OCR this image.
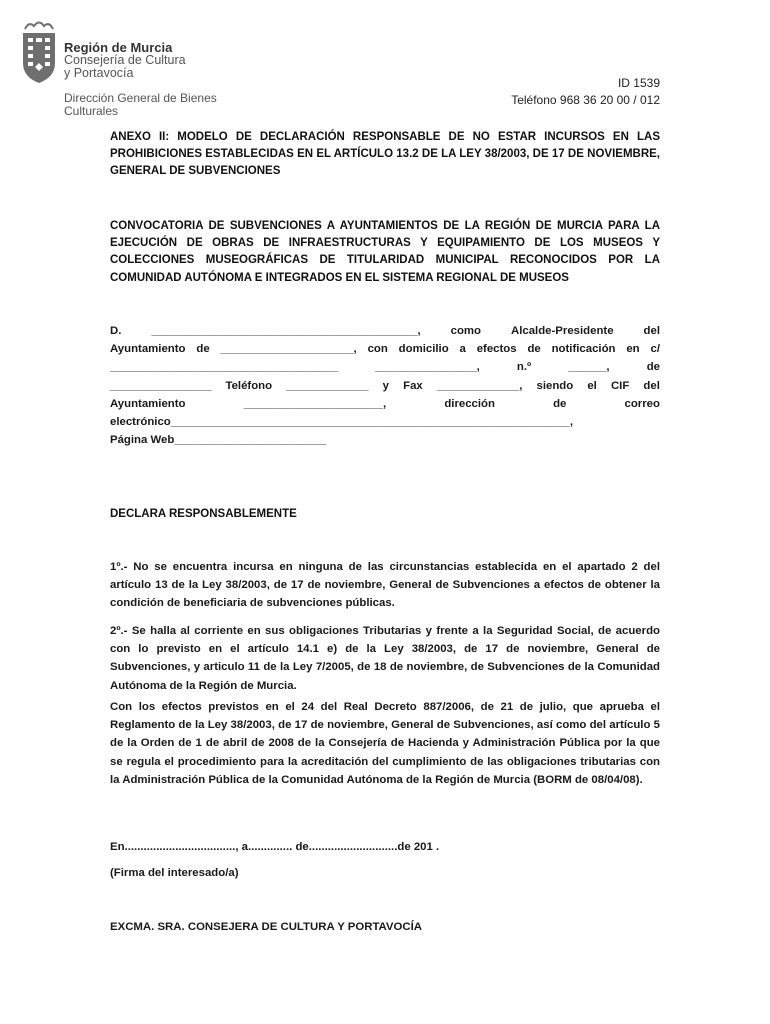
Región de Murcia
Consejería de Cultura
y Portavocía
Dirección General de Bienes
Culturales
ID 1539
Teléfono 968 36 20 00 / 012
ANEXO II: MODELO DE DECLARACIÓN RESPONSABLE DE NO ESTAR INCURSOS EN LAS PROHIBICIONES ESTABLECIDAS EN EL ARTÍCULO 13.2 DE LA LEY 38/2003, DE 17 DE NOVIEMBRE, GENERAL DE SUBVENCIONES
CONVOCATORIA DE SUBVENCIONES A AYUNTAMIENTOS DE LA REGIÓN DE MURCIA PARA LA EJECUCIÓN DE OBRAS DE INFRAESTRUCTURAS Y EQUIPAMIENTO DE LOS MUSEOS Y COLECCIONES MUSEOGRÁFICAS DE TITULARIDAD MUNICIPAL RECONOCIDOS POR LA COMUNIDAD AUTÓNOMA E INTEGRADOS EN EL SISTEMA REGIONAL DE MUSEOS
D.	__________________________________________,	como	Alcalde-Presidente	del
Ayuntamiento de _____________________, con domicilio a efectos de notificación en c/
____________________________________	________________,	n.º	______,	de
________________ Teléfono _____________ y Fax _____________, siendo el CIF del
Ayuntamiento	______________________,	dirección	de	correo
electrónico_______________________________________________________________,
Página Web________________________
DECLARA RESPONSABLEMENTE
1º.- No se encuentra incursa en ninguna de las circunstancias establecida en el apartado 2 del artículo 13 de la Ley 38/2003, de 17 de noviembre, General de Subvenciones a efectos de obtener la condición de beneficiaria de subvenciones públicas.
2º.- Se halla al corriente en sus obligaciones Tributarias y frente a la Seguridad Social, de acuerdo con lo previsto en el artículo 14.1 e) de la Ley 38/2003, de 17 de noviembre, General de Subvenciones, y articulo 11 de la Ley 7/2005, de 18 de noviembre, de Subvenciones de la Comunidad Autónoma de la Región de Murcia.
Con los efectos previstos en el 24 del Real Decreto 887/2006, de 21 de julio, que aprueba el Reglamento de la Ley 38/2003, de 17 de noviembre, General de Subvenciones, así como del artículo 5 de la Orden de 1 de abril de 2008 de la Consejería de Hacienda y Administración Pública por la que se regula el procedimiento para la acreditación del cumplimiento de las obligaciones tributarias con la Administración Pública de la Comunidad Autónoma de la Región de Murcia (BORM de 08/04/08).
En..................................., a.............. de............................de 201 .
(Firma del interesado/a)
EXCMA. SRA. CONSEJERA DE CULTURA Y PORTAVOCÍA
